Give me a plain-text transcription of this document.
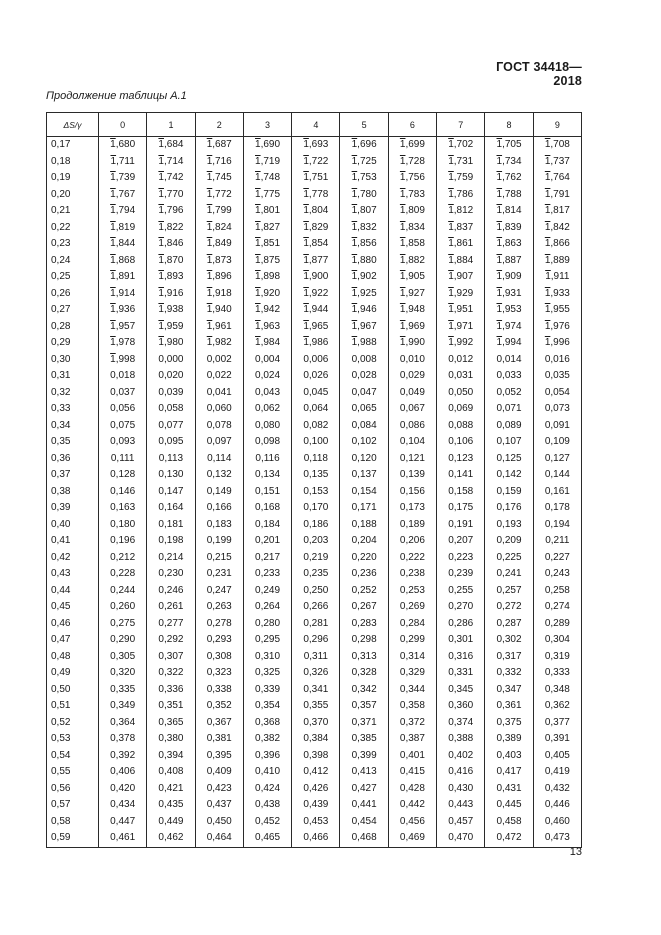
ГОСТ 34418—2018
Продолжение таблицы А.1
ΔS/γ	0	1	2	3	4	5	6	7	8	9
0,17	1,680	1,684	1,687	1,690	1,693	1,696	1,699	1,702	1,705	1,708
0,18	1,711	1,714	1,716	1,719	1,722	1,725	1,728	1,731	1,734	1,737
0,19	1,739	1,742	1,745	1,748	1,751	1,753	1,756	1,759	1,762	1,764
0,20	1,767	1,770	1,772	1,775	1,778	1,780	1,783	1,786	1,788	1,791
0,21	1,794	1,796	1,799	1,801	1,804	1,807	1,809	1,812	1,814	1,817
0,22	1,819	1,822	1,824	1,827	1,829	1,832	1,834	1,837	1,839	1,842
0,23	1,844	1,846	1,849	1,851	1,854	1,856	1,858	1,861	1,863	1,866
0,24	1,868	1,870	1,873	1,875	1,877	1,880	1,882	1,884	1,887	1,889
0,25	1,891	1,893	1,896	1,898	1,900	1,902	1,905	1,907	1,909	1,911
0,26	1,914	1,916	1,918	1,920	1,922	1,925	1,927	1,929	1,931	1,933
0,27	1,936	1,938	1,940	1,942	1,944	1,946	1,948	1,951	1,953	1,955
0,28	1,957	1,959	1,961	1,963	1,965	1,967	1,969	1,971	1,974	1,976
0,29	1,978	1,980	1,982	1,984	1,986	1,988	1,990	1,992	1,994	1,996
0,30	1,998	0,000	0,002	0,004	0,006	0,008	0,010	0,012	0,014	0,016
0,31	0,018	0,020	0,022	0,024	0,026	0,028	0,029	0,031	0,033	0,035
0,32	0,037	0,039	0,041	0,043	0,045	0,047	0,049	0,050	0,052	0,054
0,33	0,056	0,058	0,060	0,062	0,064	0,065	0,067	0,069	0,071	0,073
0,34	0,075	0,077	0,078	0,080	0,082	0,084	0,086	0,088	0,089	0,091
0,35	0,093	0,095	0,097	0,098	0,100	0,102	0,104	0,106	0,107	0,109
0,36	0,111	0,113	0,114	0,116	0,118	0,120	0,121	0,123	0,125	0,127
0,37	0,128	0,130	0,132	0,134	0,135	0,137	0,139	0,141	0,142	0,144
0,38	0,146	0,147	0,149	0,151	0,153	0,154	0,156	0,158	0,159	0,161
0,39	0,163	0,164	0,166	0,168	0,170	0,171	0,173	0,175	0,176	0,178
0,40	0,180	0,181	0,183	0,184	0,186	0,188	0,189	0,191	0,193	0,194
0,41	0,196	0,198	0,199	0,201	0,203	0,204	0,206	0,207	0,209	0,211
0,42	0,212	0,214	0,215	0,217	0,219	0,220	0,222	0,223	0,225	0,227
0,43	0,228	0,230	0,231	0,233	0,235	0,236	0,238	0,239	0,241	0,243
0,44	0,244	0,246	0,247	0,249	0,250	0,252	0,253	0,255	0,257	0,258
0,45	0,260	0,261	0,263	0,264	0,266	0,267	0,269	0,270	0,272	0,274
0,46	0,275	0,277	0,278	0,280	0,281	0,283	0,284	0,286	0,287	0,289
0,47	0,290	0,292	0,293	0,295	0,296	0,298	0,299	0,301	0,302	0,304
0,48	0,305	0,307	0,308	0,310	0,311	0,313	0,314	0,316	0,317	0,319
0,49	0,320	0,322	0,323	0,325	0,326	0,328	0,329	0,331	0,332	0,333
0,50	0,335	0,336	0,338	0,339	0,341	0,342	0,344	0,345	0,347	0,348
0,51	0,349	0,351	0,352	0,354	0,355	0,357	0,358	0,360	0,361	0,362
0,52	0,364	0,365	0,367	0,368	0,370	0,371	0,372	0,374	0,375	0,377
0,53	0,378	0,380	0,381	0,382	0,384	0,385	0,387	0,388	0,389	0,391
0,54	0,392	0,394	0,395	0,396	0,398	0,399	0,401	0,402	0,403	0,405
0,55	0,406	0,408	0,409	0,410	0,412	0,413	0,415	0,416	0,417	0,419
0,56	0,420	0,421	0,423	0,424	0,426	0,427	0,428	0,430	0,431	0,432
0,57	0,434	0,435	0,437	0,438	0,439	0,441	0,442	0,443	0,445	0,446
0,58	0,447	0,449	0,450	0,452	0,453	0,454	0,456	0,457	0,458	0,460
0,59	0,461	0,462	0,464	0,465	0,466	0,468	0,469	0,470	0,472	0,473
13
